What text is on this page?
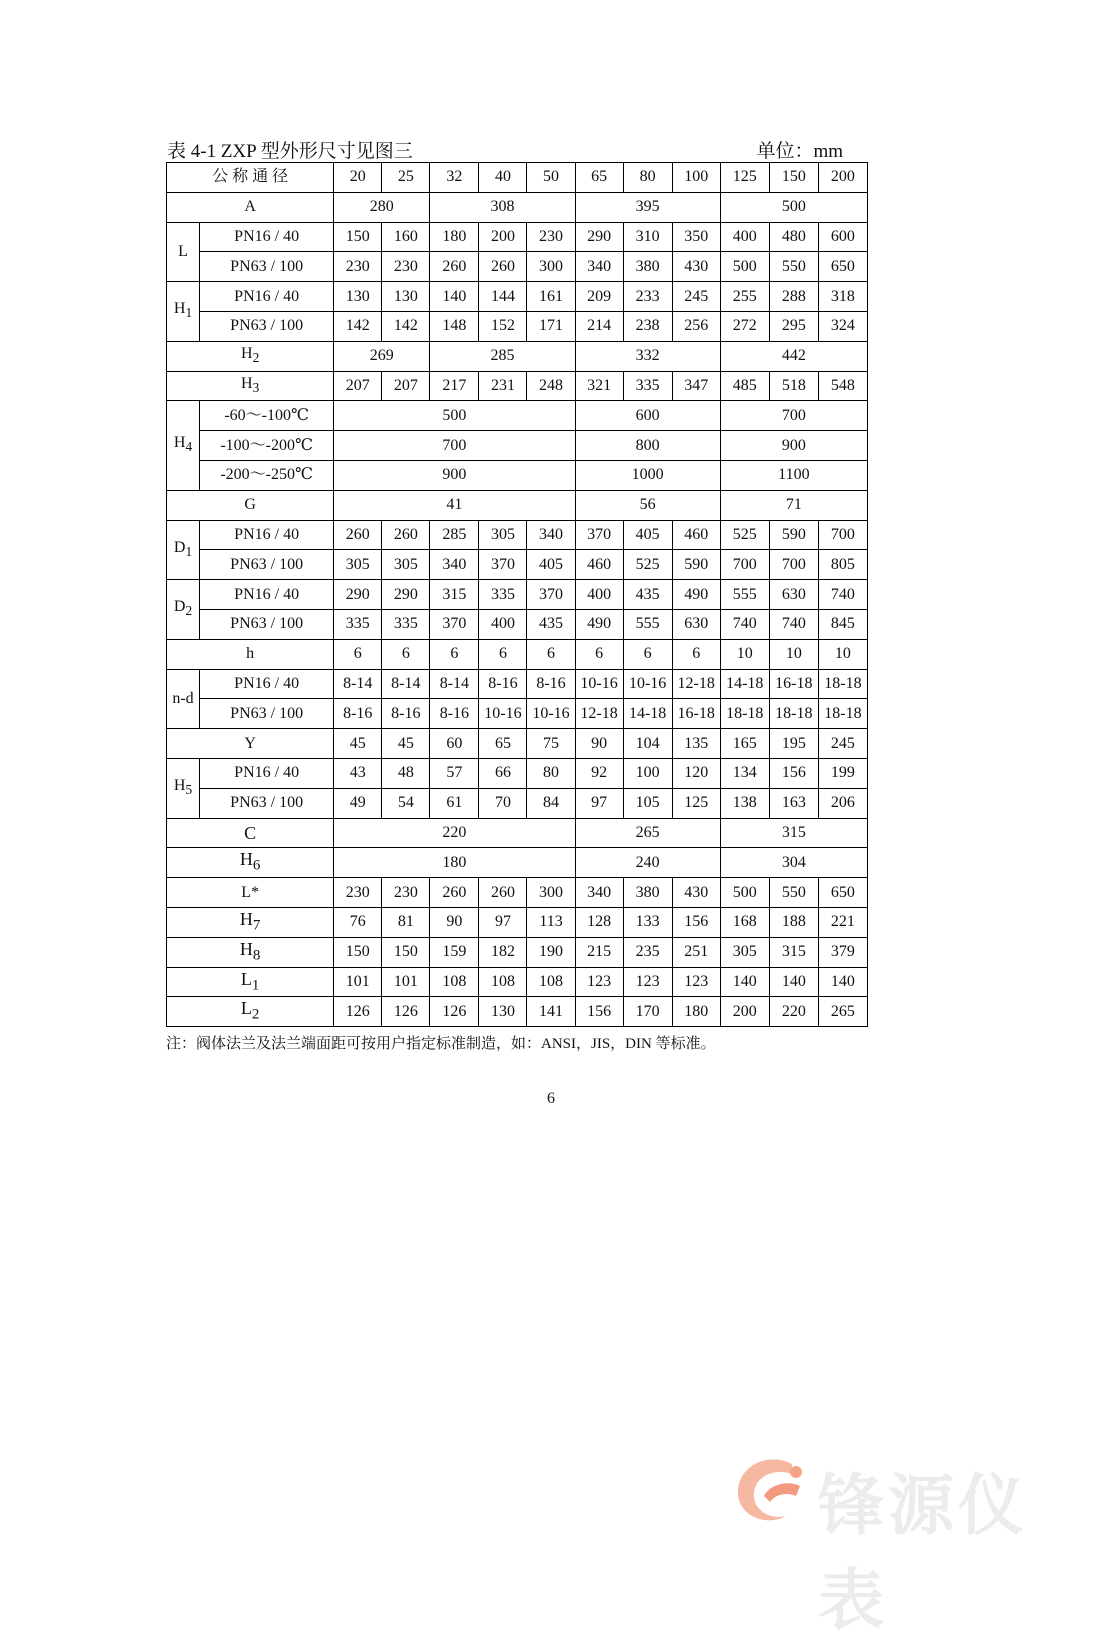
表 4-1 ZXP 型外形尺寸见图三	单位：mm
公 称 通 径		20	25	32	40	50	65	80	100	125	150	200
A		280		308			395			500		
L	PN16 / 40	150	160	180	200	230	290	310	350	400	480	600
	PN63 / 100	230	230	260	260	300	340	380	430	500	550	650
$H_1$	PN16 / 40	130	130	140	144	161	209	233	245	255	288	318
	PN63 / 100	142	142	148	152	171	214	238	256	272	295	324
$H_2$		269		285			332			442		
$H_3$		207	207	217	231	248	321	335	347	485	518	548
$H_4$	-60～-100℃	500					600			700		
	-100～-200℃	700					800			900		
	-200～-250℃	900					1000			1100		
G		41					56			71		
$D_1$	PN16 / 40	260	260	285	305	340	370	405	460	525	590	700
	PN63 / 100	305	305	340	370	405	460	525	590	700	700	805
$D_2$	PN16 / 40	290	290	315	335	370	400	435	490	555	630	740
	PN63 / 100	335	335	370	400	435	490	555	630	740	740	845
h		6	6	6	6	6	6	6	6	10	10	10
n-d	PN16 / 40	8-14	8-14	8-14	8-16	8-16	10-16	10-16	12-18	14-18	16-18	18-18
	PN63 / 100	8-16	8-16	8-16	10-16	10-16	12-18	14-18	16-18	18-18	18-18	18-18
Y		45	45	60	65	75	90	104	135	165	195	245
$H_5$	PN16 / 40	43	48	57	66	80	92	100	120	134	156	199
	PN63 / 100	49	54	61	70	84	97	105	125	138	163	206
C		220					265			315		
$H_6$		180					240			304		
L*		230	230	260	260	300	340	380	430	500	550	650
$H_7$		76	81	90	97	113	128	133	156	168	188	221
$H_8$		150	150	159	182	190	215	235	251	305	315	379
$L_1$		101	101	108	108	108	123	123	123	140	140	140
$L_2$		126	126	126	130	141	156	170	180	200	220	265
注：阀体法兰及法兰端面距可按用户指定标准制造，如：ANSI，JIS，DIN 等标准。
6
锋源仪表
